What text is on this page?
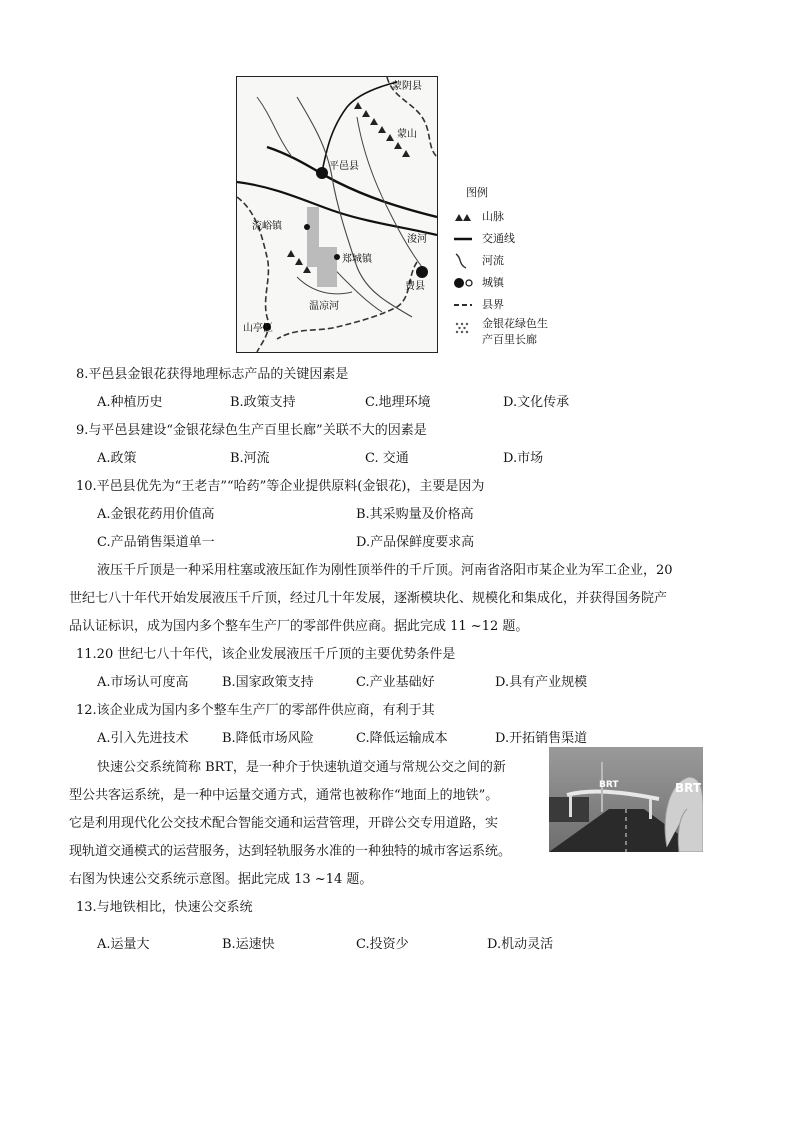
蒙阴县
蒙山
平邑县
流峪镇
郑城镇
浚河
费县
山亭区
温凉河
图例
山脉
交通线
河流
城镇
县界
金银花绿色生
产百里长廊
8.平邑县金银花获得地理标志产品的关键因素是
A.种植历史	B.政策支持	C.地理环境	D.文化传承
9.与平邑县建设“金银花绿色生产百里长廊”关联不大的因素是
A.政策	B.河流	C. 交通	D.市场
10.平邑县优先为“王老吉”“哈药”等企业提供原料(金银花)，主要是因为
A.金银花药用价值高	B.其采购量及价格高
C.产品销售渠道单一	D.产品保鲜度要求高
液压千斤顶是一种采用柱塞或液压缸作为刚性顶举件的千斤顶。河南省洛阳市某企业为军工企业，20
世纪七八十年代开始发展液压千斤顶，经过几十年发展，逐渐模块化、规模化和集成化，并获得国务院产
品认证标识，成为国内多个整车生产厂的零部件供应商。据此完成 11 ~12 题。
11.20 世纪七八十年代，该企业发展液压千斤顶的主要优势条件是
A.市场认可度高	B.国家政策支持	C.产业基础好	D.具有产业规模
12.该企业成为国内多个整车生产厂的零部件供应商，有利于其
A.引入先进技术	B.降低市场风险	C.降低运输成本	D.开拓销售渠道
快速公交系统简称 BRT，是一种介于快速轨道交通与常规公交之间的新
型公共客运系统，是一种中运量交通方式，通常也被称作“地面上的地铁”。
它是利用现代化公交技术配合智能交通和运营管理，开辟公交专用道路，实
现轨道交通模式的运营服务，达到轻轨服务水准的一种独特的城市客运系统。
右图为快速公交系统示意图。据此完成 13 ~14 题。
BRT	BRT
13.与地铁相比，快速公交系统
A.运量大	B.运速快	C.投资少	D.机动灵活
